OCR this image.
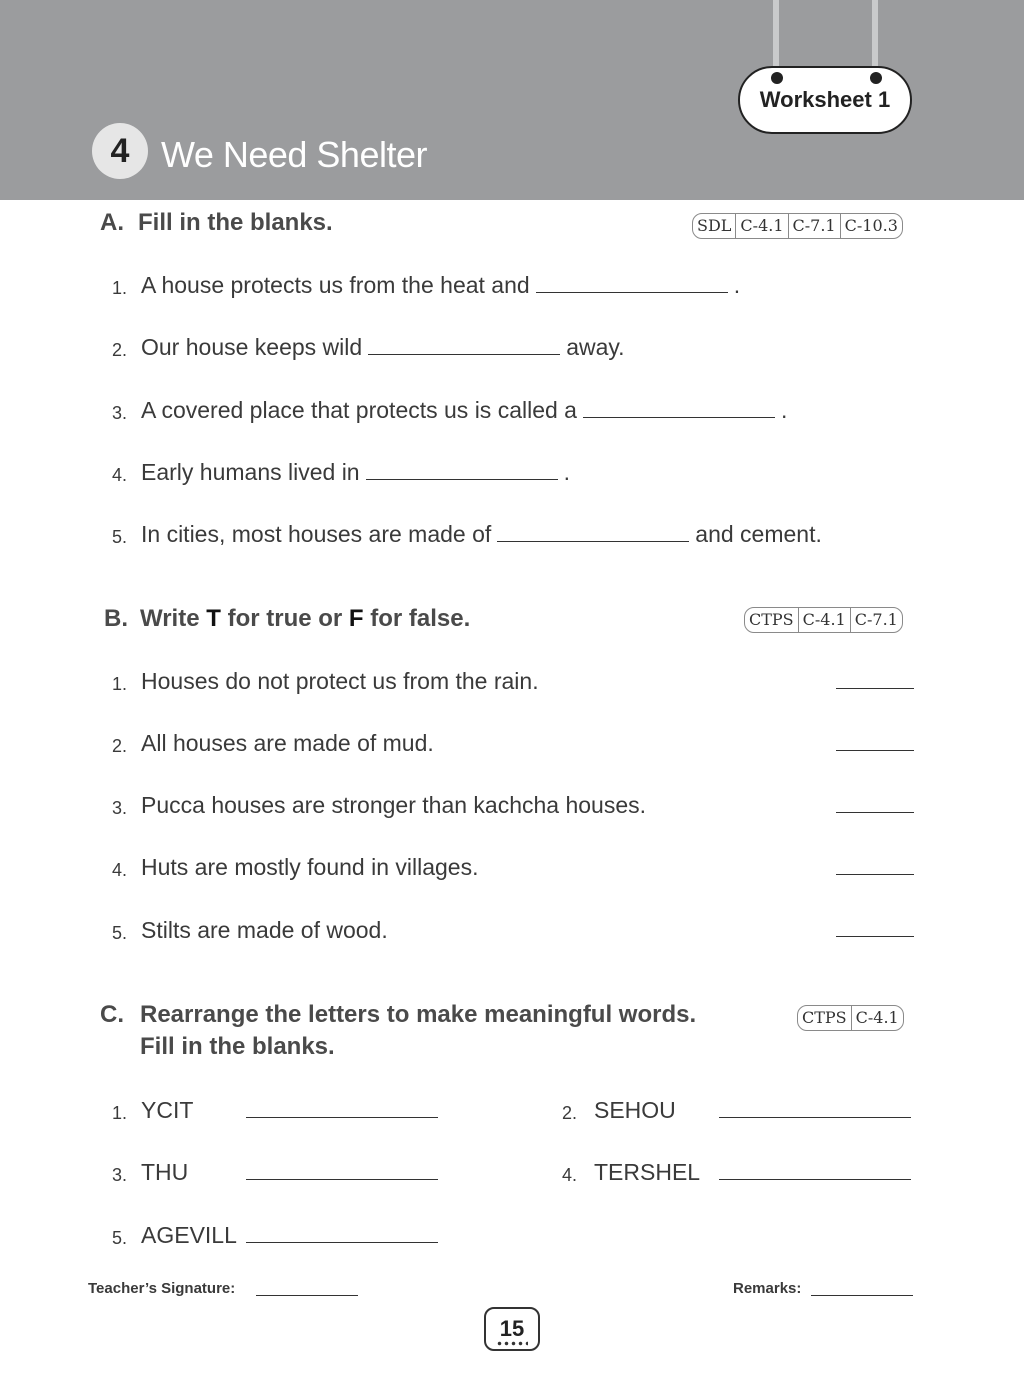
Worksheet 1
4 We Need Shelter
A. Fill in the blanks.	SDL C-4.1 C-7.1 C-10.3
1. A house protects us from the heat and	.
2. Our house keeps wild	away.
3. A covered place that protects us is called a	.
4. Early humans lived in	.
5. In cities, most houses are made of	and cement.
B. Write T for true or F for false.	CTPS C-4.1 C-7.1
1. Houses do not protect us from the rain.
2. All houses are made of mud.
3. Pucca houses are stronger than kachcha houses.
4. Huts are mostly found in villages.
5. Stilts are made of wood.
C. Rearrange the letters to make meaningful words.
Fill in the blanks.
CTPS C-4.1
1. YCIT	2. SEHOU
3. THU	4. TERSHEL
5. AGEVILL
Teacher’s Signature:	Remarks:
15
